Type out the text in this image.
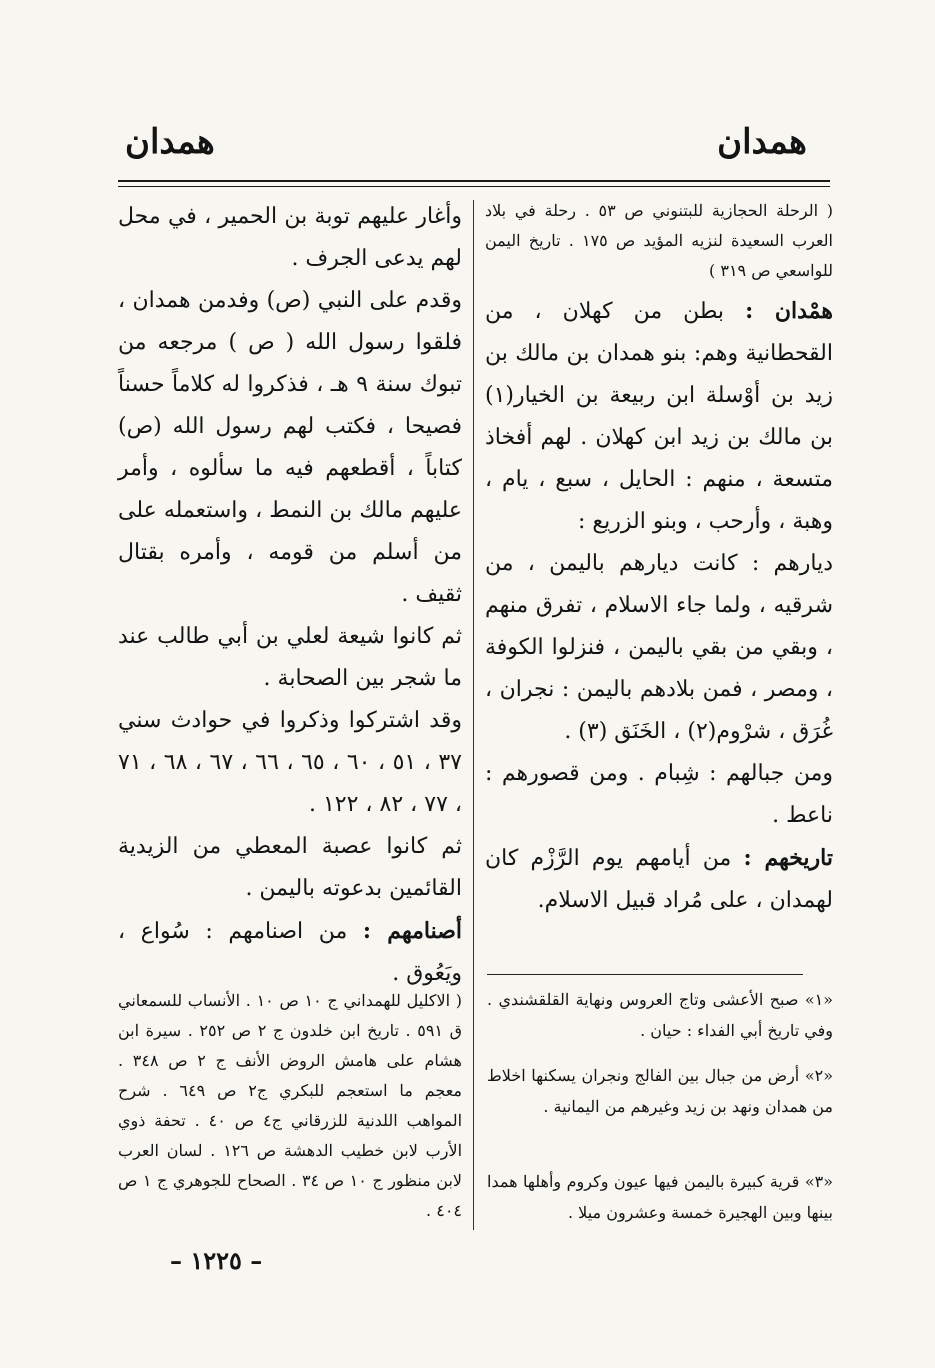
همدان
همدان

( الرحلة الحجازية للبتنوني ص ٥٣ . رحلة في بلاد العرب السعيدة لنزيه المؤيد ص ١٧٥ . تاريخ اليمن للواسعي ص ٣١٩ )

همْدان : بطن من كهلان ، من القحطانية وهم: بنو همدان بن مالك بن زيد بن أوْسلة ابن ربيعة بن الخيار(١) بن مالك بن زيد ابن كهلان . لهم أفخاذ متسعة ، منهم : الحايل ، سبع ، يام ، وهبة ، وأرحب ، وبنو الزريع :

ديارهم : كانت ديارهم باليمن ، من شرقيه ، ولما جاء الاسلام ، تفرق منهم ، وبقي من بقي باليمن ، فنزلوا الكوفة ، ومصر ، فمن بلادهم باليمن : نجران ، غُرَق ، شرْوم(٢) ، الخَنَق (٣) .

ومن جبالهم : شِبام . ومن قصورهم : ناعط .

تاريخهم : من أيامهم يوم الرَّزْم كان لهمدان ، على مُراد قبيل الاسلام.

«١» صبح الأعشى وتاج العروس ونهاية القلقشندي . وفي تاريخ أبي الفداء : حيان .
«٢» أرض من جبال بين الفالج ونجران يسكنها اخلاط من همدان ونهد بن زيد وغيرهم من اليمانية .
«٣» قرية كبيرة باليمن فيها عيون وكروم وأهلها همدا بينها وبين الهجيرة خمسة وعشرون ميلا .

وأغار عليهم توبة بن الحمير ، في محل لهم يدعى الجرف .

وقدم على النبي (ص) وفدمن همدان ، فلقوا رسول الله ( ص ) مرجعه من تبوك سنة ٩ هـ ، فذكروا له كلاماً حسناً فصيحا ، فكتب لهم رسول الله (ص) كتاباً ، أقطعهم فيه ما سألوه ، وأمر عليهم مالك بن النمط ، واستعمله على من أسلم من قومه ، وأمره بقتال ثقيف .

ثم كانوا شيعة لعلي بن أبي طالب عند ما شجر بين الصحابة .

وقد اشتركوا وذكروا في حوادث سني ٣٧ ، ٥١ ، ٦٠ ، ٦٥ ، ٦٦ ، ٦٧ ، ٦٨ ، ٧١ ، ٧٧ ، ٨٢ ، ١٢٢ .

ثم كانوا عصبة المعطي من الزيدية القائمين بدعوته باليمن .

أصنامهم : من اصنامهم : سُواع ، ويَعُوق .

( الاكليل للهمداني ج ١٠ ص ١٠ . الأنساب للسمعاني ق ٥٩١ . تاريخ ابن خلدون ج ٢ ص ٢٥٢ . سيرة ابن هشام على هامش الروض الأنف ج ٢ ص ٣٤٨ . معجم ما استعجم للبكري ج٢ ص ٦٤٩ . شرح المواهب اللدنية للزرقاني ج٤ ص ٤٠ . تحفة ذوي الأرب لابن خطيب الدهشة ص ١٢٦ . لسان العرب لابن منظور ج ١٠ ص ٣٤ . الصحاح للجوهري ج ١ ص ٤٠٤ .
– ١٢٢٥ –
